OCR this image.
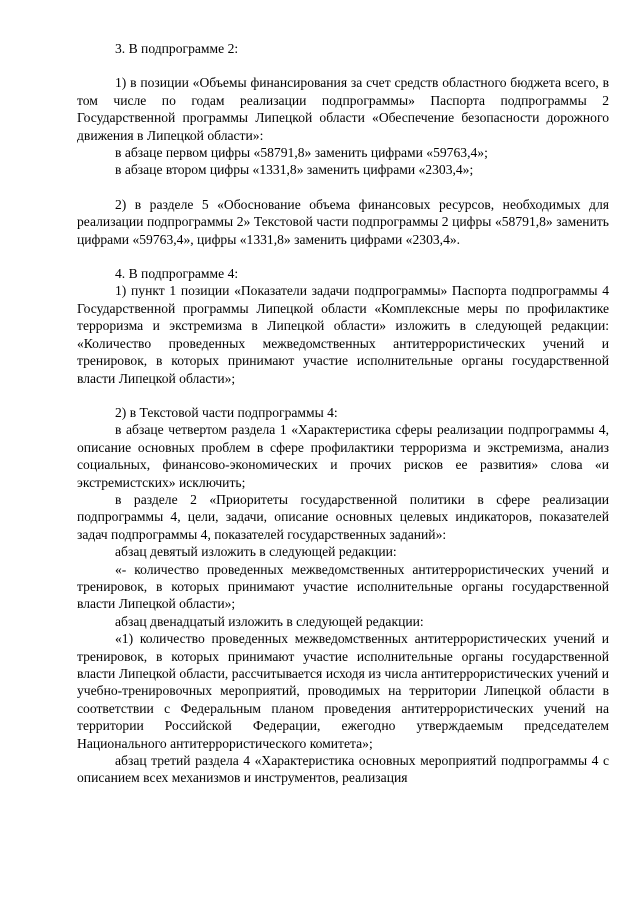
3. В подпрограмме 2:

1) в позиции «Объемы финансирования за счет средств областного бюджета всего, в том числе по годам реализации подпрограммы» Паспорта подпрограммы 2 Государственной программы Липецкой области «Обеспечение безопасности дорожного движения в Липецкой области»:

в абзаце первом цифры «58791,8» заменить цифрами «59763,4»;

в абзаце втором цифры «1331,8» заменить цифрами «2303,4»;

2) в разделе 5 «Обоснование объема финансовых ресурсов, необходимых для реализации подпрограммы 2» Текстовой части подпрограммы 2 цифры «58791,8» заменить цифрами «59763,4», цифры «1331,8» заменить цифрами «2303,4».

4. В подпрограмме 4:

1) пункт 1 позиции «Показатели задачи подпрограммы» Паспорта подпрограммы 4 Государственной программы Липецкой области «Комплексные меры по профилактике терроризма и экстремизма в Липецкой области» изложить в следующей редакции: «Количество проведенных межведомственных антитеррористических учений и тренировок, в которых принимают участие исполнительные органы государственной власти Липецкой области»;

2) в Текстовой части подпрограммы 4:

в абзаце четвертом раздела 1 «Характеристика сферы реализации подпрограммы 4, описание основных проблем в сфере профилактики терроризма и экстремизма, анализ социальных, финансово-экономических и прочих рисков ее развития» слова «и экстремистских» исключить;

в разделе 2 «Приоритеты государственной политики в сфере реализации подпрограммы 4, цели, задачи, описание основных целевых индикаторов, показателей задач подпрограммы 4, показателей государственных заданий»:

абзац девятый изложить в следующей редакции:

«- количество проведенных межведомственных антитеррористических учений и тренировок, в которых принимают участие исполнительные органы государственной власти Липецкой области»;

абзац двенадцатый изложить в следующей редакции:

«1) количество проведенных межведомственных антитеррористических учений и тренировок, в которых принимают участие исполнительные органы государственной власти Липецкой области, рассчитывается исходя из числа антитеррористических учений и учебно-тренировочных мероприятий, проводимых на территории Липецкой области в соответствии с Федеральным планом проведения антитеррористических учений на территории Российской Федерации, ежегодно утверждаемым председателем Национального антитеррористического комитета»;

абзац третий раздела 4 «Характеристика основных мероприятий подпрограммы 4 с описанием всех механизмов и инструментов, реализация
